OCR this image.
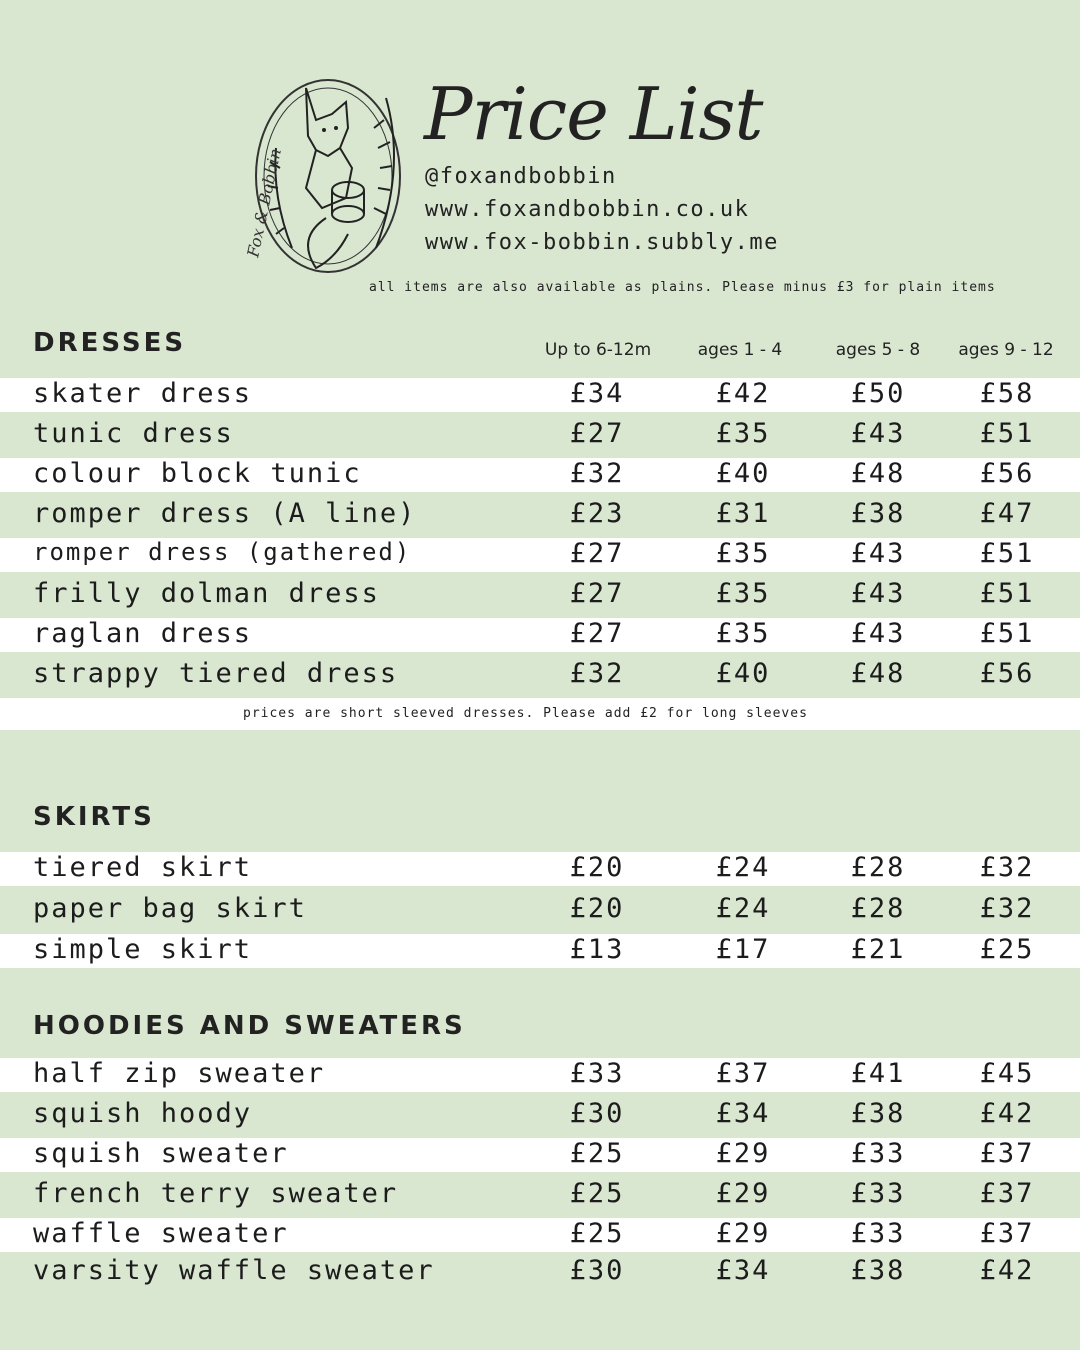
Fox & Bobbin
Price List
@foxandbobbin
www.foxandbobbin.co.uk
www.fox-bobbin.subbly.me
all items are also available as plains. Please minus £3 for plain items
Up to 6-12m	ages 1 - 4	ages 5 - 8	ages 9 - 12
DRESSES
prices are short sleeved dresses. Please add £2 for long sleeves
SKIRTS
HOODIES AND SWEATERS
skater dress	£34	£42	£50	£58
tunic dress	£27	£35	£43	£51
colour block tunic	£32	£40	£48	£56
romper dress (A line)	£23	£31	£38	£47
romper dress (gathered)	£27	£35	£43	£51
frilly dolman dress	£27	£35	£43	£51
raglan dress	£27	£35	£43	£51
strappy tiered dress	£32	£40	£48	£56
tiered skirt	£20	£24	£28	£32
paper bag skirt	£20	£24	£28	£32
simple skirt	£13	£17	£21	£25
half zip sweater	£33	£37	£41	£45
squish hoody	£30	£34	£38	£42
squish sweater	£25	£29	£33	£37
french terry sweater	£25	£29	£33	£37
waffle sweater	£25	£29	£33	£37
varsity waffle sweater	£30	£34	£38	£42
